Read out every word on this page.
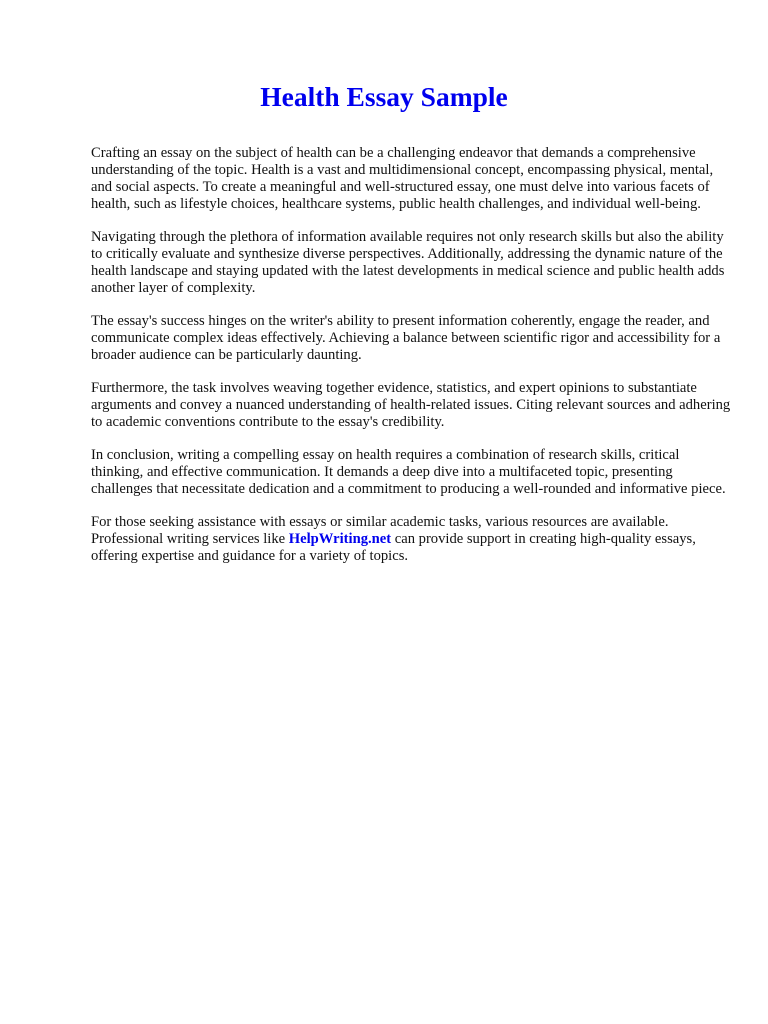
Health Essay Sample

Crafting an essay on the subject of health can be a challenging endeavor that demands a comprehensive understanding of the topic. Health is a vast and multidimensional concept, encompassing physical, mental, and social aspects. To create a meaningful and well-structured essay, one must delve into various facets of health, such as lifestyle choices, healthcare systems, public health challenges, and individual well-being.

Navigating through the plethora of information available requires not only research skills but also the ability to critically evaluate and synthesize diverse perspectives. Additionally, addressing the dynamic nature of the health landscape and staying updated with the latest developments in medical science and public health adds another layer of complexity.

The essay's success hinges on the writer's ability to present information coherently, engage the reader, and communicate complex ideas effectively. Achieving a balance between scientific rigor and accessibility for a broader audience can be particularly daunting.

Furthermore, the task involves weaving together evidence, statistics, and expert opinions to substantiate arguments and convey a nuanced understanding of health-related issues. Citing relevant sources and adhering to academic conventions contribute to the essay's credibility.

In conclusion, writing a compelling essay on health requires a combination of research skills, critical thinking, and effective communication. It demands a deep dive into a multifaceted topic, presenting challenges that necessitate dedication and a commitment to producing a well-rounded and informative piece.

For those seeking assistance with essays or similar academic tasks, various resources are available. Professional writing services like HelpWriting.net can provide support in creating high-quality essays, offering expertise and guidance for a variety of topics.
